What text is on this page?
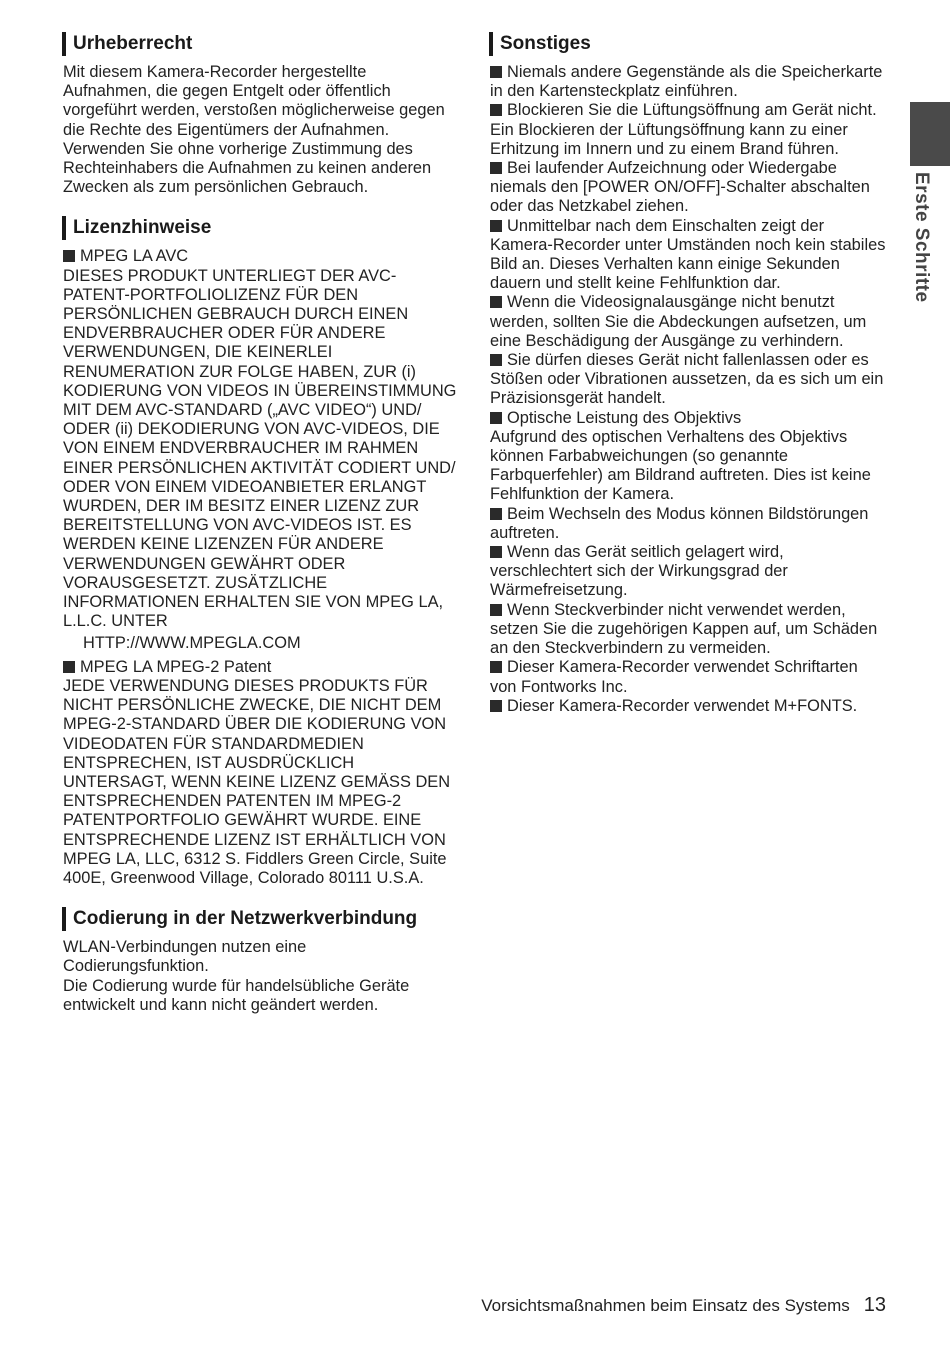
Erste Schritte
Urheberrecht

Mit diesem Kamera-Recorder hergestellte
Aufnahmen, die gegen Entgelt oder öffentlich
vorgeführt werden, verstoßen möglicherweise gegen
die Rechte des Eigentümers der Aufnahmen.
Verwenden Sie ohne vorherige Zustimmung des
Rechteinhabers die Aufnahmen zu keinen anderen
Zwecken als zum persönlichen Gebrauch.

Lizenzhinweise
MPEG LA AVC

DIESES PRODUKT UNTERLIEGT DER AVC-
PATENT-PORTFOLIOLIZENZ FÜR DEN
PERSÖNLICHEN GEBRAUCH DURCH EINEN
ENDVERBRAUCHER ODER FÜR ANDERE
VERWENDUNGEN, DIE KEINERLEI
RENUMERATION ZUR FOLGE HABEN, ZUR (i)
KODIERUNG VON VIDEOS IN ÜBEREINSTIMMUNG
MIT DEM AVC-STANDARD („AVC VIDEO“) UND/
ODER (ii) DEKODIERUNG VON AVC-VIDEOS, DIE
VON EINEM ENDVERBRAUCHER IM RAHMEN
EINER PERSÖNLICHEN AKTIVITÄT CODIERT UND/
ODER VON EINEM VIDEOANBIETER ERLANGT
WURDEN, DER IM BESITZ EINER LIZENZ ZUR
BEREITSTELLUNG VON AVC-VIDEOS IST. ES
WERDEN KEINE LIZENZEN FÜR ANDERE
VERWENDUNGEN GEWÄHRT ODER
VORAUSGESETZT. ZUSÄTZLICHE
INFORMATIONEN ERHALTEN SIE VON MPEG LA,
L.L.C. UNTER

HTTP://WWW.MPEGLA.COM

MPEG LA MPEG-2 Patent

JEDE VERWENDUNG DIESES PRODUKTS FÜR
NICHT PERSÖNLICHE ZWECKE, DIE NICHT DEM
MPEG-2-STANDARD ÜBER DIE KODIERUNG VON
VIDEODATEN FÜR STANDARDMEDIEN
ENTSPRECHEN, IST AUSDRÜCKLICH
UNTERSAGT, WENN KEINE LIZENZ GEMÄSS DEN
ENTSPRECHENDEN PATENTEN IM MPEG-2
PATENTPORTFOLIO GEWÄHRT WURDE. EINE
ENTSPRECHENDE LIZENZ IST ERHÄLTLICH VON
MPEG LA, LLC, 6312 S. Fiddlers Green Circle, Suite
400E, Greenwood Village, Colorado 80111 U.S.A.

Codierung in der Netzwerkverbindung

WLAN-Verbindungen nutzen eine
Codierungsfunktion.
Die Codierung wurde für handelsübliche Geräte
entwickelt und kann nicht geändert werden.

Sonstiges
Niemals andere Gegenstände als die Speicherkarte
in den Kartensteckplatz einführen.
Blockieren Sie die Lüftungsöffnung am Gerät nicht.
Ein Blockieren der Lüftungsöffnung kann zu einer
Erhitzung im Innern und zu einem Brand führen.
Bei laufender Aufzeichnung oder Wiedergabe
niemals den [POWER ON/OFF]-Schalter abschalten
oder das Netzkabel ziehen.
Unmittelbar nach dem Einschalten zeigt der
Kamera-Recorder unter Umständen noch kein stabiles
Bild an. Dieses Verhalten kann einige Sekunden
dauern und stellt keine Fehlfunktion dar.
Wenn die Videosignalausgänge nicht benutzt
werden, sollten Sie die Abdeckungen aufsetzen, um
eine Beschädigung der Ausgänge zu verhindern.
Sie dürfen dieses Gerät nicht fallenlassen oder es
Stößen oder Vibrationen aussetzen, da es sich um ein
Präzisionsgerät handelt.
Optische Leistung des Objektivs
Aufgrund des optischen Verhaltens des Objektivs
können Farbabweichungen (so genannte
Farbquerfehler) am Bildrand auftreten. Dies ist keine
Fehlfunktion der Kamera.
Beim Wechseln des Modus können Bildstörungen
auftreten.
Wenn das Gerät seitlich gelagert wird,
verschlechtert sich der Wirkungsgrad der
Wärmefreisetzung.
Wenn Steckverbinder nicht verwendet werden,
setzen Sie die zugehörigen Kappen auf, um Schäden
an den Steckverbindern zu vermeiden.
Dieser Kamera-Recorder verwendet Schriftarten
von Fontworks Inc.
Dieser Kamera-Recorder verwendet M+FONTS.
Vorsichtsmaßnahmen beim Einsatz des Systems 13
